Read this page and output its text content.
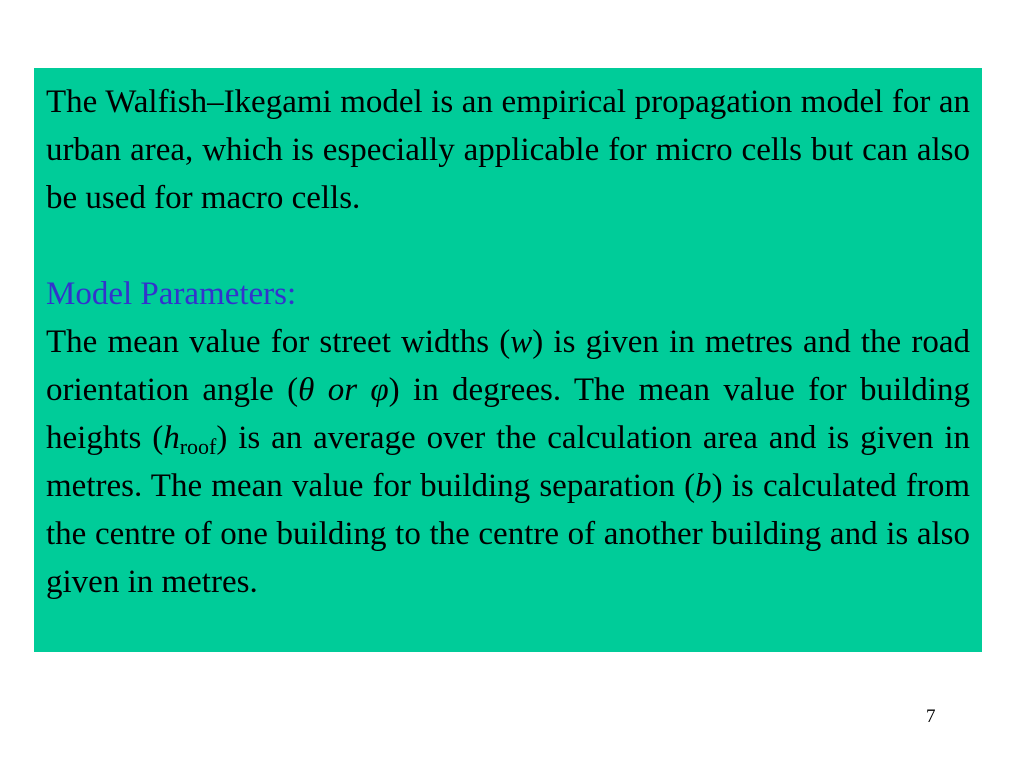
The Walfish–Ikegami model is an empirical propagation model for an urban area, which is especially applicable for micro cells but can also be used for macro cells.

Model Parameters:

The mean value for street widths (w) is given in metres and the road orientation angle (θ or φ) in degrees. The mean value for building heights $(h_{roof})$ is an average over the calculation area and is given in metres. The mean value for building separation (b) is calculated from the centre of one building to the centre of another building and is also given in metres.

7
